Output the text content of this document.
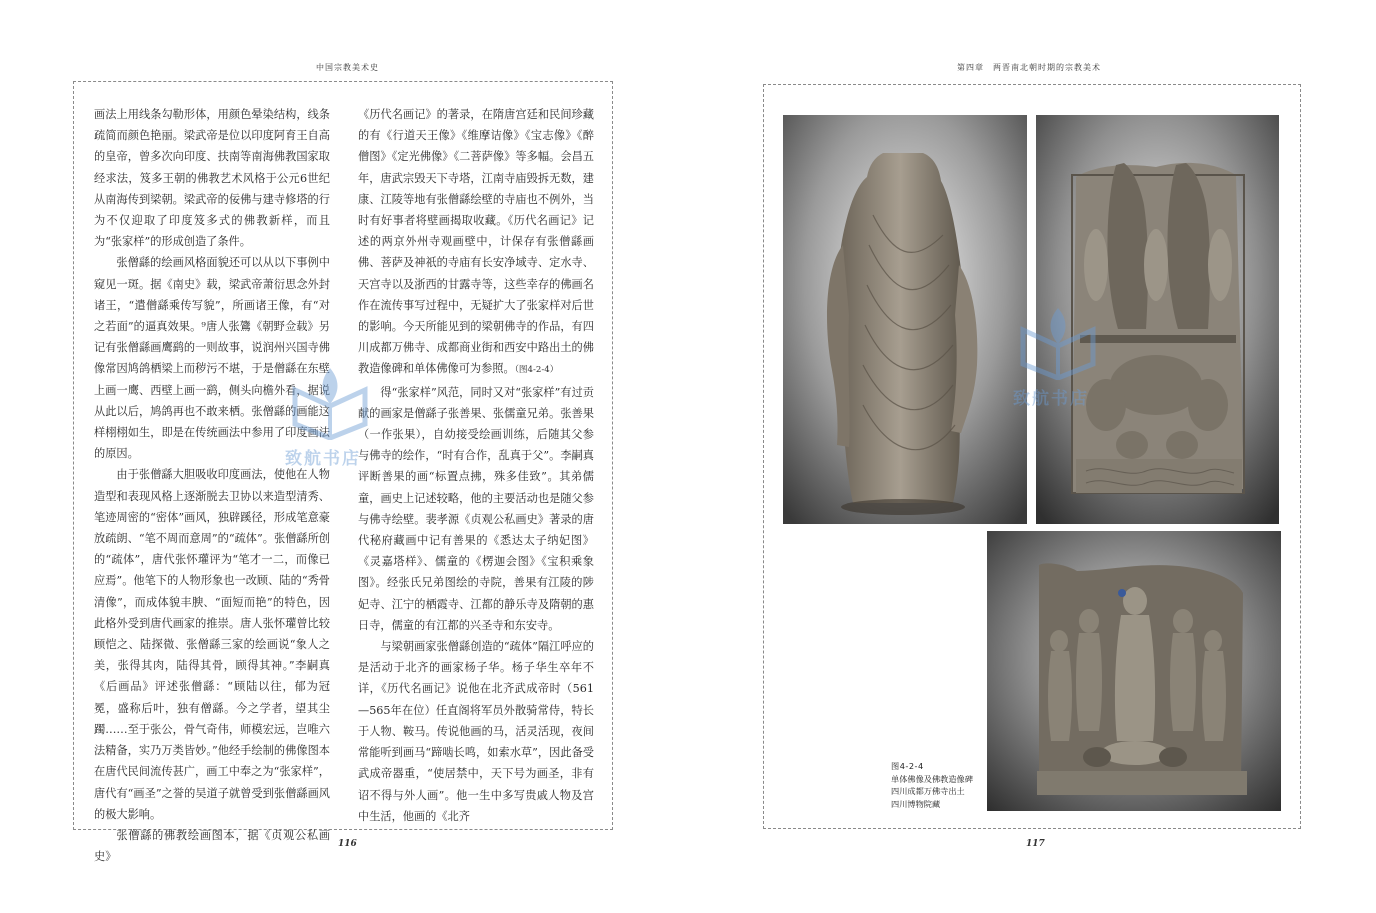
中国宗教美术史

画法上用线条勾勒形体，用颜色晕染结构，线条疏简而颜色艳丽。梁武帝是位以印度阿育王自高的皇帝，曾多次向印度、扶南等南海佛教国家取经求法，笈多王朝的佛教艺术风格于公元6世纪从南海传到梁朝。梁武帝的佞佛与建寺修塔的行为不仅迎取了印度笈多式的佛教新样，而且为“张家样”的形成创造了条件。

张僧繇的绘画风格面貌还可以从以下事例中窥见一斑。据《南史》载，梁武帝萧衍思念外封诸王，“遣僧繇乘传写貌”，所画诸王像，有“对之若面”的逼真效果。⁹唐人张鷟《朝野佥载》另记有张僧繇画鹰鹞的一则故事，说润州兴国寺佛像常因鸠鸽栖梁上而秽污不堪，于是僧繇在东壁上画一鹰、西壁上画一鹞，侧头向檐外看，据说从此以后，鸠鸽再也不敢来栖。张僧繇的画能这样栩栩如生，即是在传统画法中参用了印度画法的原因。

由于张僧繇大胆吸收印度画法，使他在人物造型和表现风格上逐渐脱去卫协以来造型清秀、笔迹周密的“密体”画风，独辟蹊径，形成笔意豪放疏朗、“笔不周而意周”的“疏体”。张僧繇所创的“疏体”，唐代张怀瓘评为“笔才一二，而像已应焉”。他笔下的人物形象也一改顾、陆的“秀骨清像”，而成体貌丰腴、“面短而艳”的特色，因此格外受到唐代画家的推崇。唐人张怀瓘曾比较顾恺之、陆探微、张僧繇三家的绘画说“象人之美，张得其肉，陆得其骨，顾得其神。”李嗣真《后画品》评述张僧繇：“顾陆以往，郁为冠冕，盛称后叶，独有僧繇。今之学者，望其尘躅……至于张公，骨气奇伟，师模宏远，岂唯六法精备，实乃万类皆妙。”他经手绘制的佛像图本在唐代民间流传甚广，画工中奉之为“张家样”，唐代有“画圣”之誉的吴道子就曾受到张僧繇画风的极大影响。

张僧繇的佛教绘画图本，据《贞观公私画史》

《历代名画记》的著录，在隋唐宫廷和民间珍藏的有《行道天王像》《维摩诘像》《宝志像》《醉僧图》《定光佛像》《二菩萨像》等多幅。会昌五年，唐武宗毁天下寺塔，江南寺庙毁拆无数，建康、江陵等地有张僧繇绘壁的寺庙也不例外，当时有好事者将壁画揭取收藏。《历代名画记》记述的两京外州寺观画壁中，计保存有张僧繇画佛、菩萨及神祇的寺庙有长安净域寺、定水寺、天宫寺以及浙西的甘露寺等，这些幸存的佛画名作在流传事写过程中，无疑扩大了张家样对后世的影响。今天所能见到的梁朝佛寺的作品，有四川成都万佛寺、成都商业街和西安中路出土的佛教造像碑和单体佛像可为参照。（图4-2-4）

得“张家样”风范，同时又对“张家样”有过贡献的画家是僧繇子张善果、张儒童兄弟。张善果（一作张果），自幼接受绘画训练，后随其父参与佛寺的绘作，“时有合作，乱真于父”。李嗣真评断善果的画“标置点拂，殊多佳致”。其弟儒童，画史上记述较略，他的主要活动也是随父参与佛寺绘壁。裴孝源《贞观公私画史》著录的唐代秘府藏画中记有善果的《悉达太子纳妃图》《灵嘉塔样》、儒童的《楞迦会图》《宝积乘象图》。经张氏兄弟图绘的寺院，善果有江陵的陟妃寺、江宁的栖霞寺、江都的静乐寺及隋朝的惠日寺，儒童的有江都的兴圣寺和东安寺。

与梁朝画家张僧繇创造的“疏体”隔江呼应的是活动于北齐的画家杨子华。杨子华生卒年不详，《历代名画记》说他在北齐武成帝时（561—565年在位）任直阁将军员外散骑常侍，特长于人物、鞍马。传说他画的马，活灵活现，夜间常能听到画马“蹄啮长鸣，如索水草”，因此备受武成帝器重，“使居禁中，天下号为画圣，非有诏不得与外人画”。他一生中多写贵戚人物及宫中生活，他画的《北齐

致航书店
116
第四章　两晋南北朝时期的宗教美术
图4-2-4
单体佛像及佛教造像碑
四川成都万佛寺出土
四川博物院藏
致航书店
117
